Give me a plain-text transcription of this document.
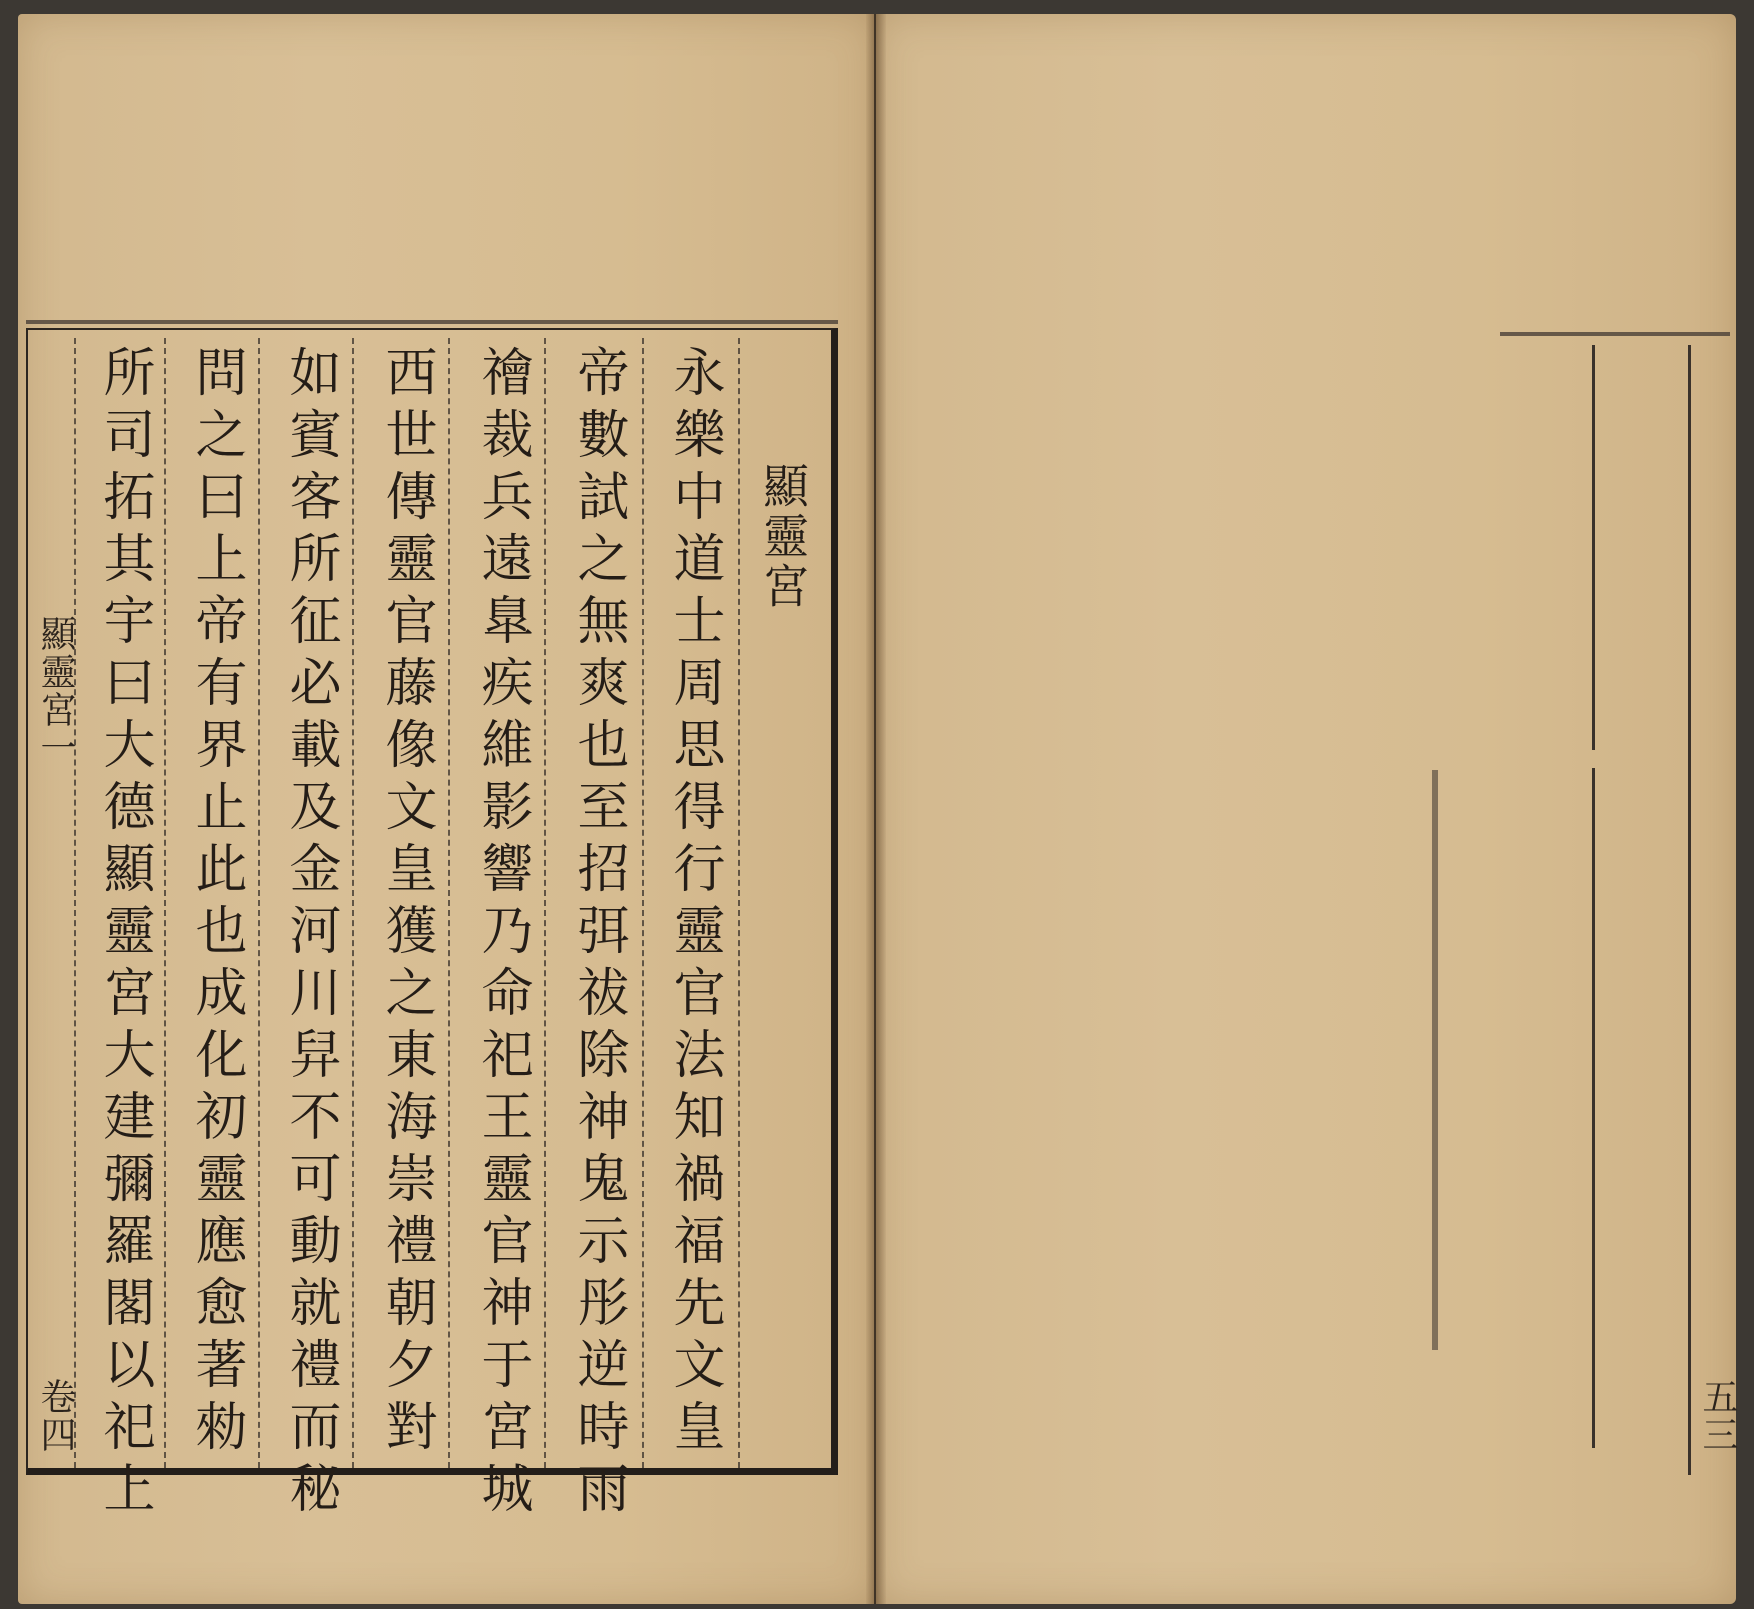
顯靈宮
永樂中道士周思得行靈官法知禍福先文皇
帝數試之無爽也至招弭祓除神鬼示彤逆時雨
禬裁兵遠臯疾維影響乃命祀王靈官神于宮城
西世傳靈官藤像文皇獲之東海崇禮朝夕對
如賓客所征必載及金河川舁不可動就禮而秘
問之曰上帝有界止此也成化初靈應愈著勑
所司拓其宇曰大德顯靈宮大建彌羅閣以祀上
顯靈宮一
卷四	五三
